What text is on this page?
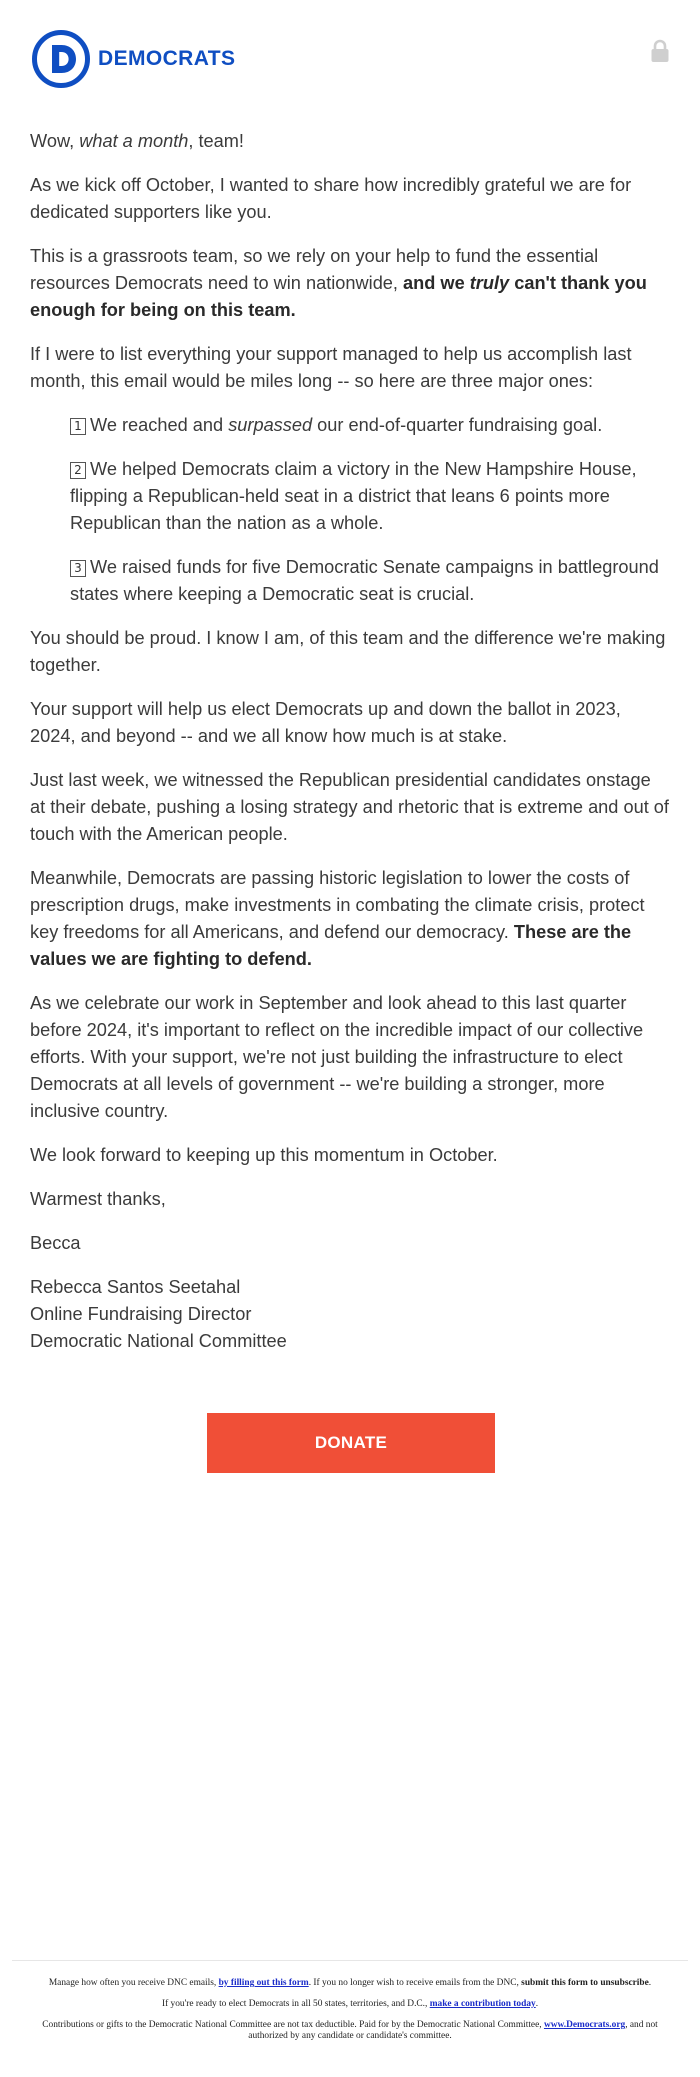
DEMOCRATS

Wow, what a month, team!

As we kick off October, I wanted to share how incredibly grateful we are for dedicated supporters like you.

This is a grassroots team, so we rely on your help to fund the essential resources Democrats need to win nationwide, and we truly can't thank you enough for being on this team.

If I were to list everything your support managed to help us accomplish last month, this email would be miles long -- so here are three major ones:

1 We reached and surpassed our end-of-quarter fundraising goal.
2 We helped Democrats claim a victory in the New Hampshire House, flipping a Republican-held seat in a district that leans 6 points more Republican than the nation as a whole.
3 We raised funds for five Democratic Senate campaigns in battleground states where keeping a Democratic seat is crucial.

You should be proud. I know I am, of this team and the difference we're making together.

Your support will help us elect Democrats up and down the ballot in 2023, 2024, and beyond -- and we all know how much is at stake.

Just last week, we witnessed the Republican presidential candidates onstage at their debate, pushing a losing strategy and rhetoric that is extreme and out of touch with the American people.

Meanwhile, Democrats are passing historic legislation to lower the costs of prescription drugs, make investments in combating the climate crisis, protect key freedoms for all Americans, and defend our democracy. These are the values we are fighting to defend.

As we celebrate our work in September and look ahead to this last quarter before 2024, it's important to reflect on the incredible impact of our collective efforts. With your support, we're not just building the infrastructure to elect Democrats at all levels of government -- we're building a stronger, more inclusive country.

We look forward to keeping up this momentum in October.

Warmest thanks,

Becca

Rebecca Santos Seetahal

Online Fundraising Director

Democratic National Committee

DONATE

Manage how often you receive DNC emails, by filling out this form. If you no longer wish to receive emails from the DNC, submit this form to unsubscribe.

If you're ready to elect Democrats in all 50 states, territories, and D.C., make a contribution today.

Contributions or gifts to the Democratic National Committee are not tax deductible. Paid for by the Democratic National Committee, www.Democrats.org, and not authorized by any candidate or candidate's committee.
